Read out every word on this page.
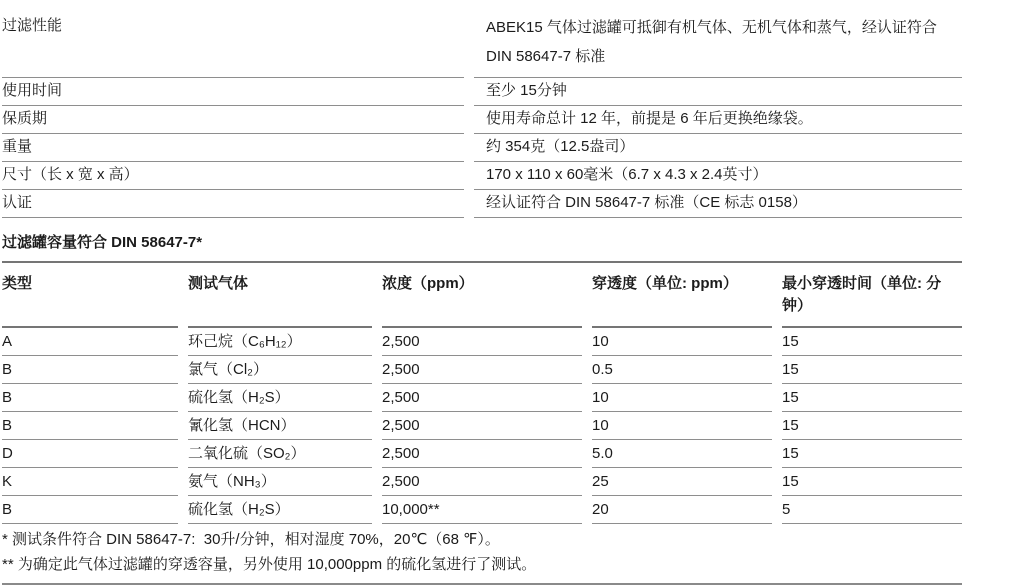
过滤性能	ABEK15 气体过滤罐可抵御有机气体、无机气体和蒸气，经认证符合 DIN 58647-7 标准
使用时间	至少 15分钟
保质期	使用寿命总计 12 年，前提是 6 年后更换绝缘袋。
重量	约 354克（12.5盎司）
尺寸（长 x 宽 x 高）	170 x 110 x 60毫米（6.7 x 4.3 x 2.4英寸）
认证	经认证符合 DIN 58647-7 标准（CE 标志 0158）
过滤罐容量符合 DIN 58647-7*
类型	测试气体	浓度（ppm）	穿透度（单位: ppm）	最小穿透时间（单位: 分钟）
A	环己烷（C₆H₁₂）	2,500	10	15
B	氯气（Cl₂）	2,500	0.5	15
B	硫化氢（H₂S）	2,500	10	15
B	氰化氢（HCN）	2,500	10	15
D	二氧化硫（SO₂）	2,500	5.0	15
K	氨气（NH₃）	2,500	25	15
B	硫化氢（H₂S）	10,000**	20	5

* 测试条件符合 DIN 58647-7:  30升/分钟，相对湿度 70%，20℃（68 ℉）。

** 为确定此气体过滤罐的穿透容量，另外使用 10,000ppm 的硫化氢进行了测试。
